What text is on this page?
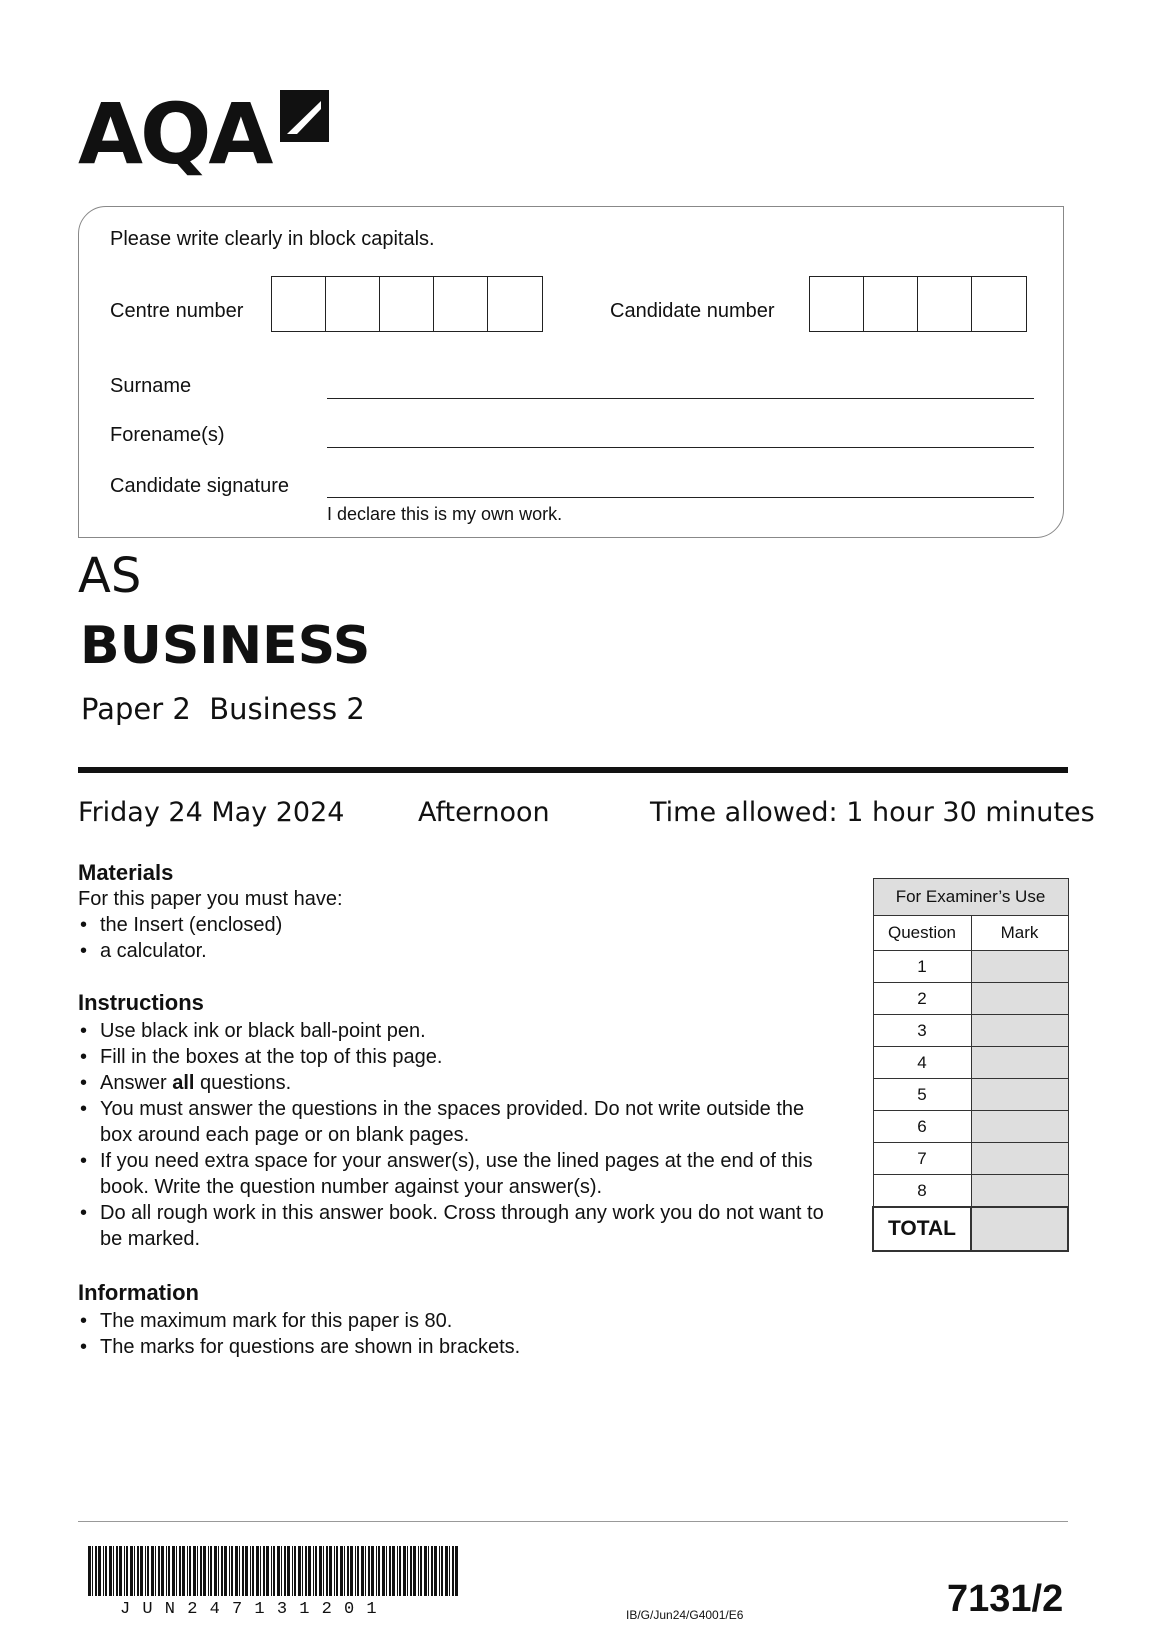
AQA
Please write clearly in block capitals.
Centre number	Candidate number
Surname
Forename(s)
Candidate signature
I declare this is my own work.
AS
BUSINESS
Paper 2  Business 2
Friday 24 May 2024	Afternoon	Time allowed: 1 hour 30 minutes
Materials
For this paper you must have:
• the Insert (enclosed)
• a calculator.
Instructions
• Use black ink or black ball-point pen.
• Fill in the boxes at the top of this page.
• Answer all questions.
• You must answer the questions in the spaces provided. Do not write outside the box around each page or on blank pages.
• If you need extra space for your answer(s), use the lined pages at the end of this book. Write the question number against your answer(s).
• Do all rough work in this answer book. Cross through any work you do not want to be marked.
Information
• The maximum mark for this paper is 80.
• The marks for questions are shown in brackets.
For Examiner’s Use	
Question	Mark
1	
2	
3	
4	
5	
6	
7	
8	
TOTAL	
J U N 2 4 7 1 3 1 2 0 1	IB/G/Jun24/G4001/E6	7131/2
